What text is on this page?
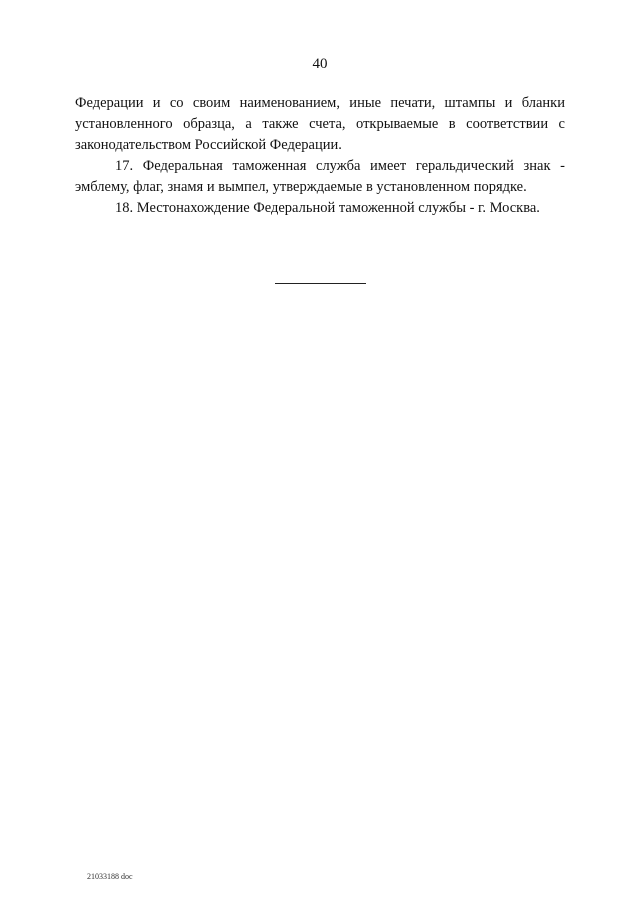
40

Федерации и со своим наименованием, иные печати, штампы и бланки установленного образца, а также счета, открываемые в соответствии с законодательством Российской Федерации.

17. Федеральная таможенная служба имеет геральдический знак - эмблему, флаг, знамя и вымпел, утверждаемые в установленном порядке.

18. Местонахождение Федеральной таможенной службы - г. Москва.

21033188 doc
